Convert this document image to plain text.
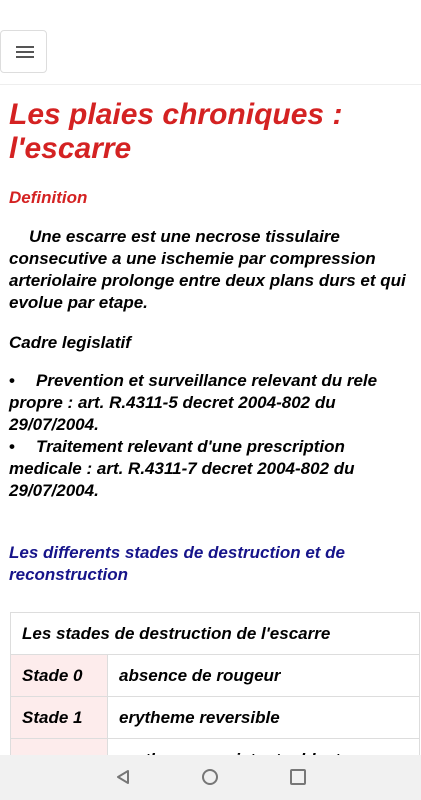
Les plaies chroniques : l'escarre
Definition

Une escarre est une necrose tissulaire consecutive a une ischemie par compression arteriolaire prolonge entre deux plans durs et qui evolue par etape.

Cadre legislatif
• Prevention et surveillance relevant du rele propre : art. R.4311-5 decret 2004-802 du 29/07/2004.
• Traitement relevant d'une prescription medicale : art. R.4311-7 decret 2004-802 du 29/07/2004.
Les differents stades de destruction et de reconstruction
Les stades de destruction de l'escarre
Stade 0	absence de rougeur
Stade 1	erytheme reversible
